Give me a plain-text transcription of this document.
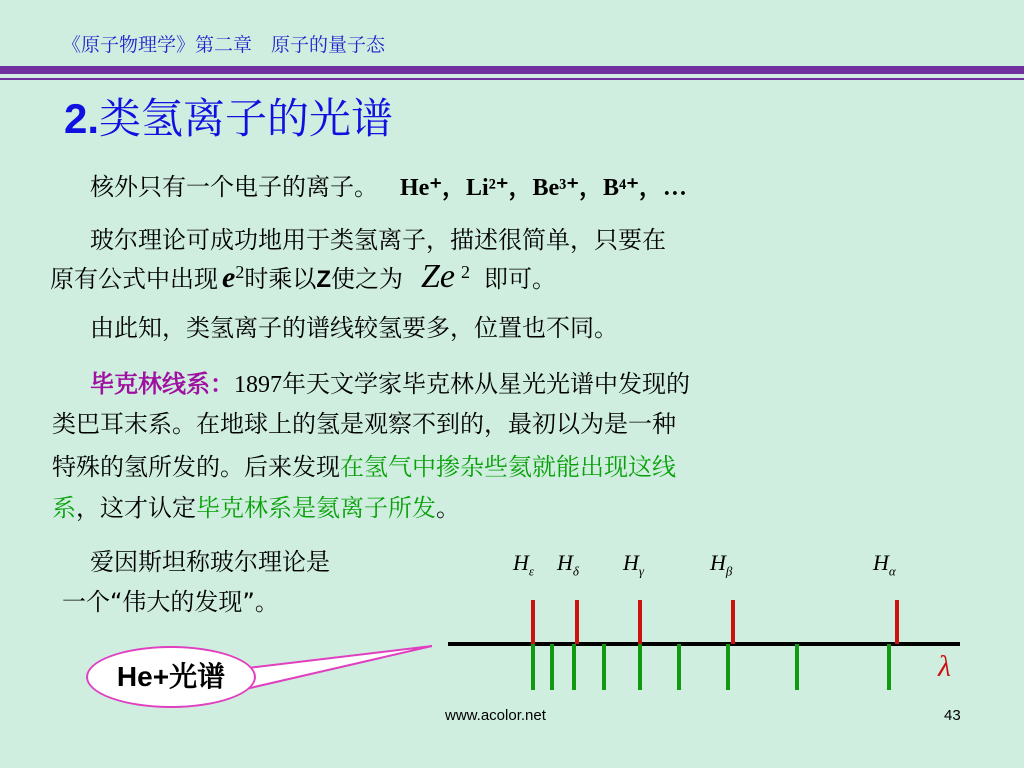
《原子物理学》第二章　原子的量子态
2.类氢离子的光谱
核外只有一个电子的离子。 He⁺，Li²⁺，Be³⁺，B⁴⁺，…
玻尔理论可成功地用于类氢离子，描述很简单，只要在
原有公式中出现 $e^2$时乘以Z使之为 Ze $^2$ 即可。
由此知，类氢离子的谱线较氢要多，位置也不同。
毕克林线系：1897年天文学家毕克林从星光光谱中发现的
类巴耳末系。在地球上的氢是观察不到的，最初以为是一种
特殊的氢所发的。后来发现在氢气中掺杂些氦就能出现这线
系，这才认定毕克林系是氦离子所发。
爱因斯坦称玻尔理论是
一个“伟大的发现”。
He+光谱
$H_\varepsilon$ $H_\delta$ $H_\gamma$	$H_\beta$	$H_\alpha$
λ
www.acolor.net	43
